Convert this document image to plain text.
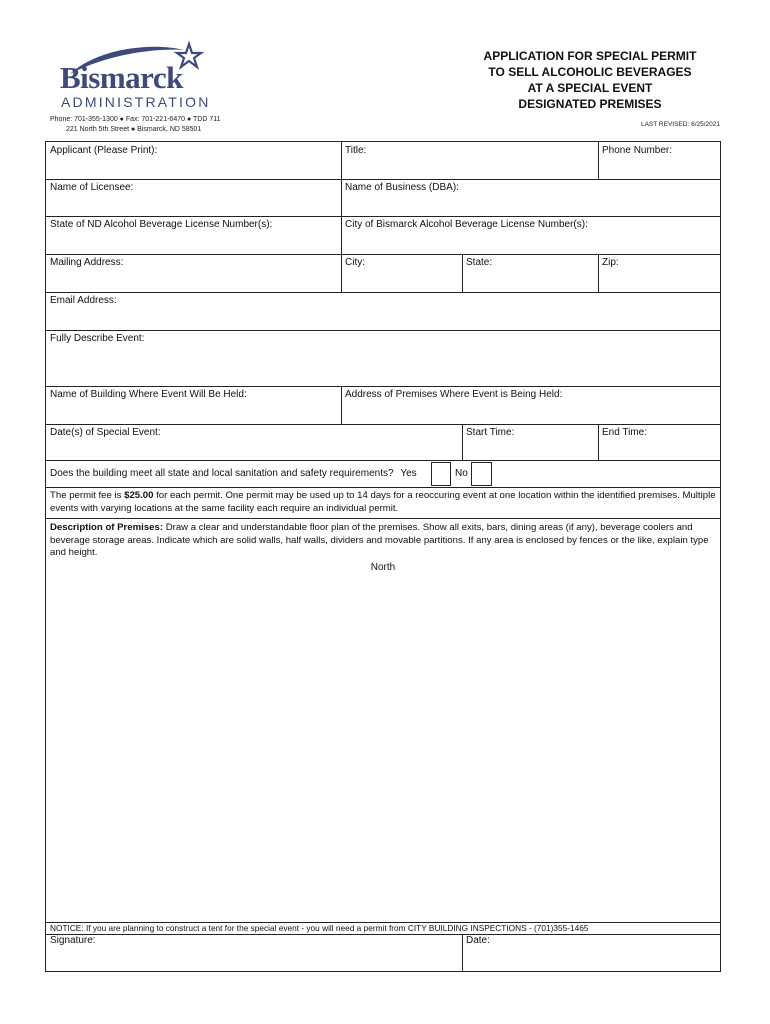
Bismarck
ADMINISTRATION
Phone: 701-355-1300 ● Fax: 701-221-6470 ● TDD 711
221 North 5th Street ● Bismarck, ND 58501
APPLICATION FOR SPECIAL PERMIT
TO SELL ALCOHOLIC BEVERAGES
AT A SPECIAL EVENT
DESIGNATED PREMISES
LAST REVISED: 6/25/2021
Applicant (Please Print):	Title:	Phone Number:
Name of Licensee:	Name of Business (DBA):
State of ND Alcohol Beverage License Number(s):	City of Bismarck Alcohol Beverage License Number(s):
Mailing Address:	City:	State:	Zip:
Email Address:
Fully Describe Event:
Name of Building Where Event Will Be Held:	Address of Premises Where Event is Being Held:
Date(s) of Special Event:	Start Time:	End Time:
Does the building meet all state and local sanitation and safety requirements? Yes	No
The permit fee is $25.00 for each permit. One permit may be used up to 14 days for a reoccuring event at one location within the identified premises. Multiple events with varying locations at the same facility each require an individual permit.
Description of Premises: Draw a clear and understandable floor plan of the premises. Show all exits, bars, dining areas (if any), beverage coolers and beverage storage areas. Indicate which are solid walls, half walls, dividers and movable partitions. If any area is enclosed by fences or the like, explain type and height.
North
NOTICE: If you are planning to construct a tent for the special event - you will need a permit from CITY BUILDING INSPECTIONS - (701)355-1465
Signature:	Date:
